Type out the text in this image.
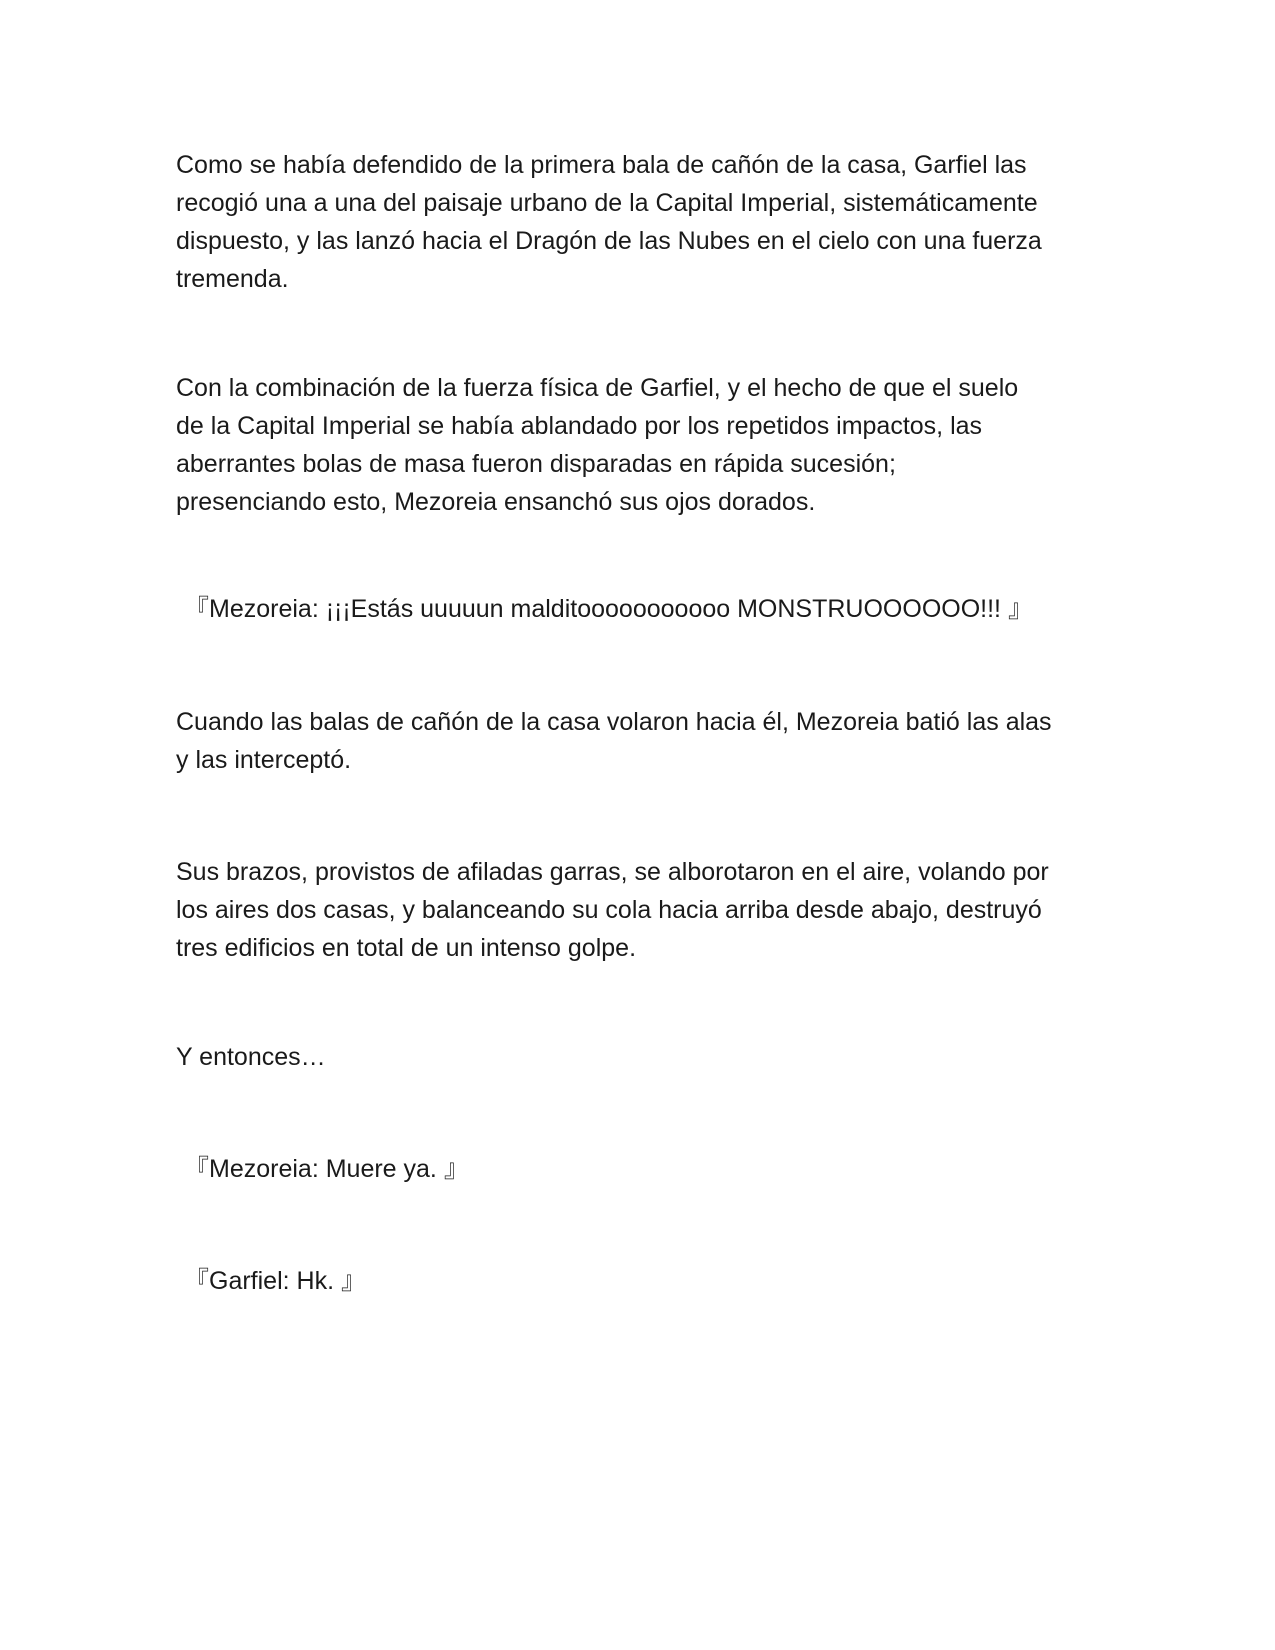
Como se había defendido de la primera bala de cañón de la casa, Garfiel las
recogió una a una del paisaje urbano de la Capital Imperial, sistemáticamente
dispuesto, y las lanzó hacia el Dragón de las Nubes en el cielo con una fuerza
tremenda.

Con la combinación de la fuerza física de Garfiel, y el hecho de que el suelo
de la Capital Imperial se había ablandado por los repetidos impactos, las
aberrantes bolas de masa fueron disparadas en rápida sucesión;
presenciando esto, Mezoreia ensanchó sus ojos dorados.

『Mezoreia: ¡¡¡Estás uuuuun malditooooooooooo MONSTRUOOOOOO!!! 』

Cuando las balas de cañón de la casa volaron hacia él, Mezoreia batió las alas
y las interceptó.

Sus brazos, provistos de afiladas garras, se alborotaron en el aire, volando por
los aires dos casas, y balanceando su cola hacia arriba desde abajo, destruyó
tres edificios en total de un intenso golpe.

Y entonces…

『Mezoreia: Muere ya. 』

『Garfiel: Hk. 』
